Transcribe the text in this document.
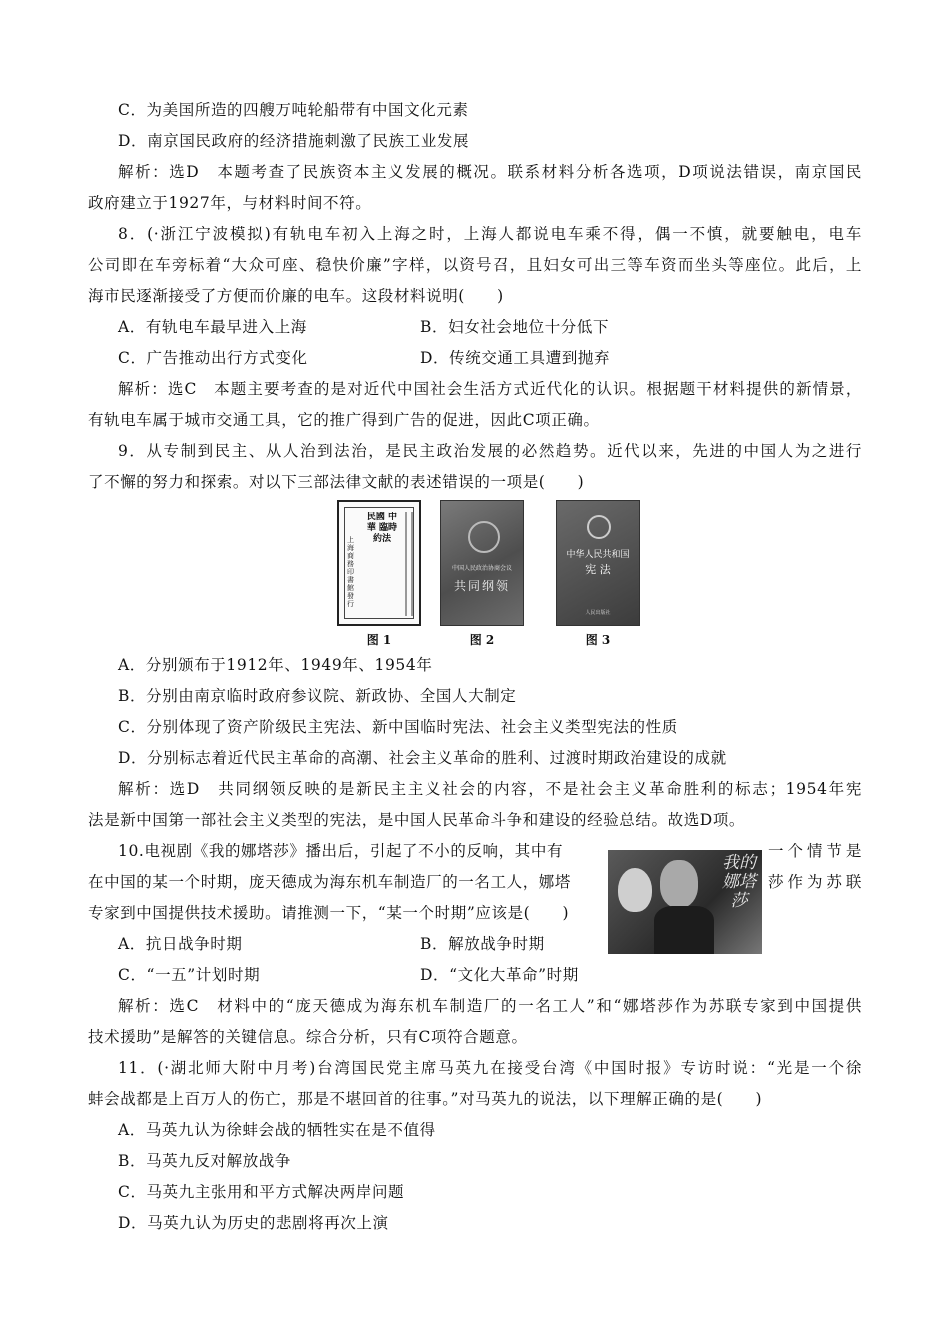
C．为美国所造的四艘万吨轮船带有中国文化元素
D．南京国民政府的经济措施刺激了民族工业发展
解析：选D　本题考查了民族资本主义发展的概况。联系材料分析各选项，D项说法错误，南京国民
政府建立于1927年，与材料时间不符。
8．(·浙江宁波模拟)有轨电车初入上海之时，上海人都说电车乘不得，偶一不慎，就要触电，电车
公司即在车旁标着“大众可座、稳快价廉”字样，以资号召，且妇女可出三等车资而坐头等座位。此后，上
海市民逐渐接受了方便而价廉的电车。这段材料说明(　　)
A．有轨电车最早进入上海	B．妇女社会地位十分低下
C．广告推动出行方式变化	D．传统交通工具遭到抛弃
解析：选C　本题主要考查的是对近代中国社会生活方式近代化的认识。根据题干材料提供的新情景，
有轨电车属于城市交通工具，它的推广得到广告的促进，因此C项正确。
9．从专制到民主、从人治到法治，是民主政治发展的必然趋势。近代以来，先进的中国人为之进行
了不懈的努力和探索。对以下三部法律文献的表述错误的一项是(　　)
民國 中華 臨時約法
上海商務印書館發行
图 1
中国人民政治协商会议
共同纲领
图 2
中华人民共和国
宪 法
人民出版社
图 3
A．分别颁布于1912年、1949年、1954年
B．分别由南京临时政府参议院、新政协、全国人大制定
C．分别体现了资产阶级民主宪法、新中国临时宪法、社会主义类型宪法的性质
D．分别标志着近代民主革命的高潮、社会主义革命的胜利、过渡时期政治建设的成就
解析：选D　共同纲领反映的是新民主主义社会的内容，不是社会主义革命胜利的标志；1954年宪
法是新中国第一部社会主义类型的宪法，是中国人民革命斗争和建设的经验总结。故选D项。
10.电视剧《我的娜塔莎》播出后，引起了不小的反响，其中有	一个情节是
在中国的某一个时期，庞天德成为海东机车制造厂的一名工人，娜塔	莎作为苏联
专家到中国提供技术援助。请推测一下，“某一个时期”应该是(　　)
我的娜塔莎
A．抗日战争时期	B．解放战争时期
C．“一五”计划时期	D．“文化大革命”时期
解析：选C　材料中的“庞天德成为海东机车制造厂的一名工人”和“娜塔莎作为苏联专家到中国提供
技术援助”是解答的关键信息。综合分析，只有C项符合题意。
11．(·湖北师大附中月考)台湾国民党主席马英九在接受台湾《中国时报》专访时说：“光是一个徐
蚌会战都是上百万人的伤亡，那是不堪回首的往事。”对马英九的说法，以下理解正确的是(　　)
A．马英九认为徐蚌会战的牺牲实在是不值得
B．马英九反对解放战争
C．马英九主张用和平方式解决两岸问题
D．马英九认为历史的悲剧将再次上演
